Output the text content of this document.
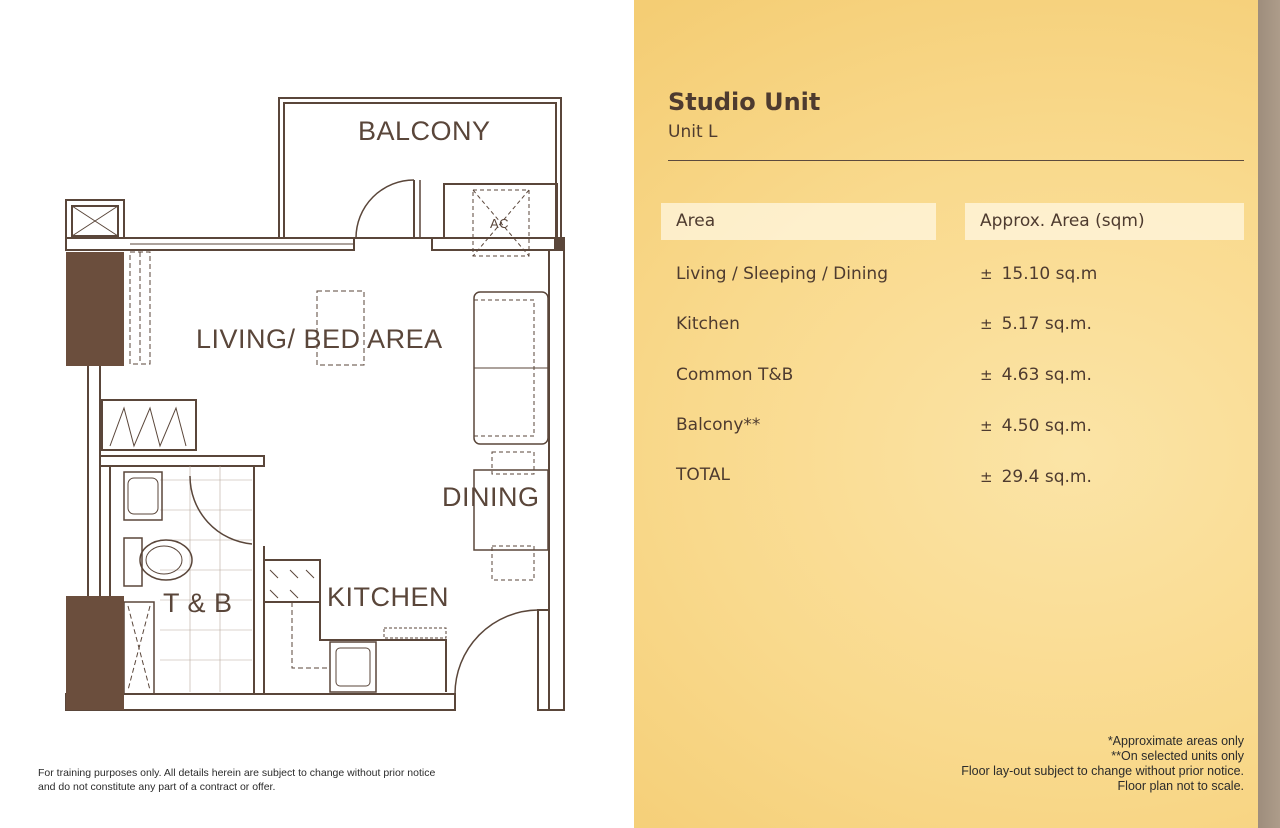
BALCONY
AC
LIVING/ BED AREA
DINING
T & B	KITCHEN
For training purposes only. All details herein are subject to change without prior notice
and do not constitute any part of a contract or offer.
Studio Unit
Unit L
Area	Approx. Area (sqm)
Living / Sleeping / Dining	± 15.10 sq.m
Kitchen	± 5.17 sq.m.
Common T&B	± 4.63 sq.m.
Balcony**	± 4.50 sq.m.
TOTAL	± 29.4 sq.m.
*Approximate areas only
**On selected units only
Floor lay-out subject to change without prior notice.
Floor plan not to scale.
